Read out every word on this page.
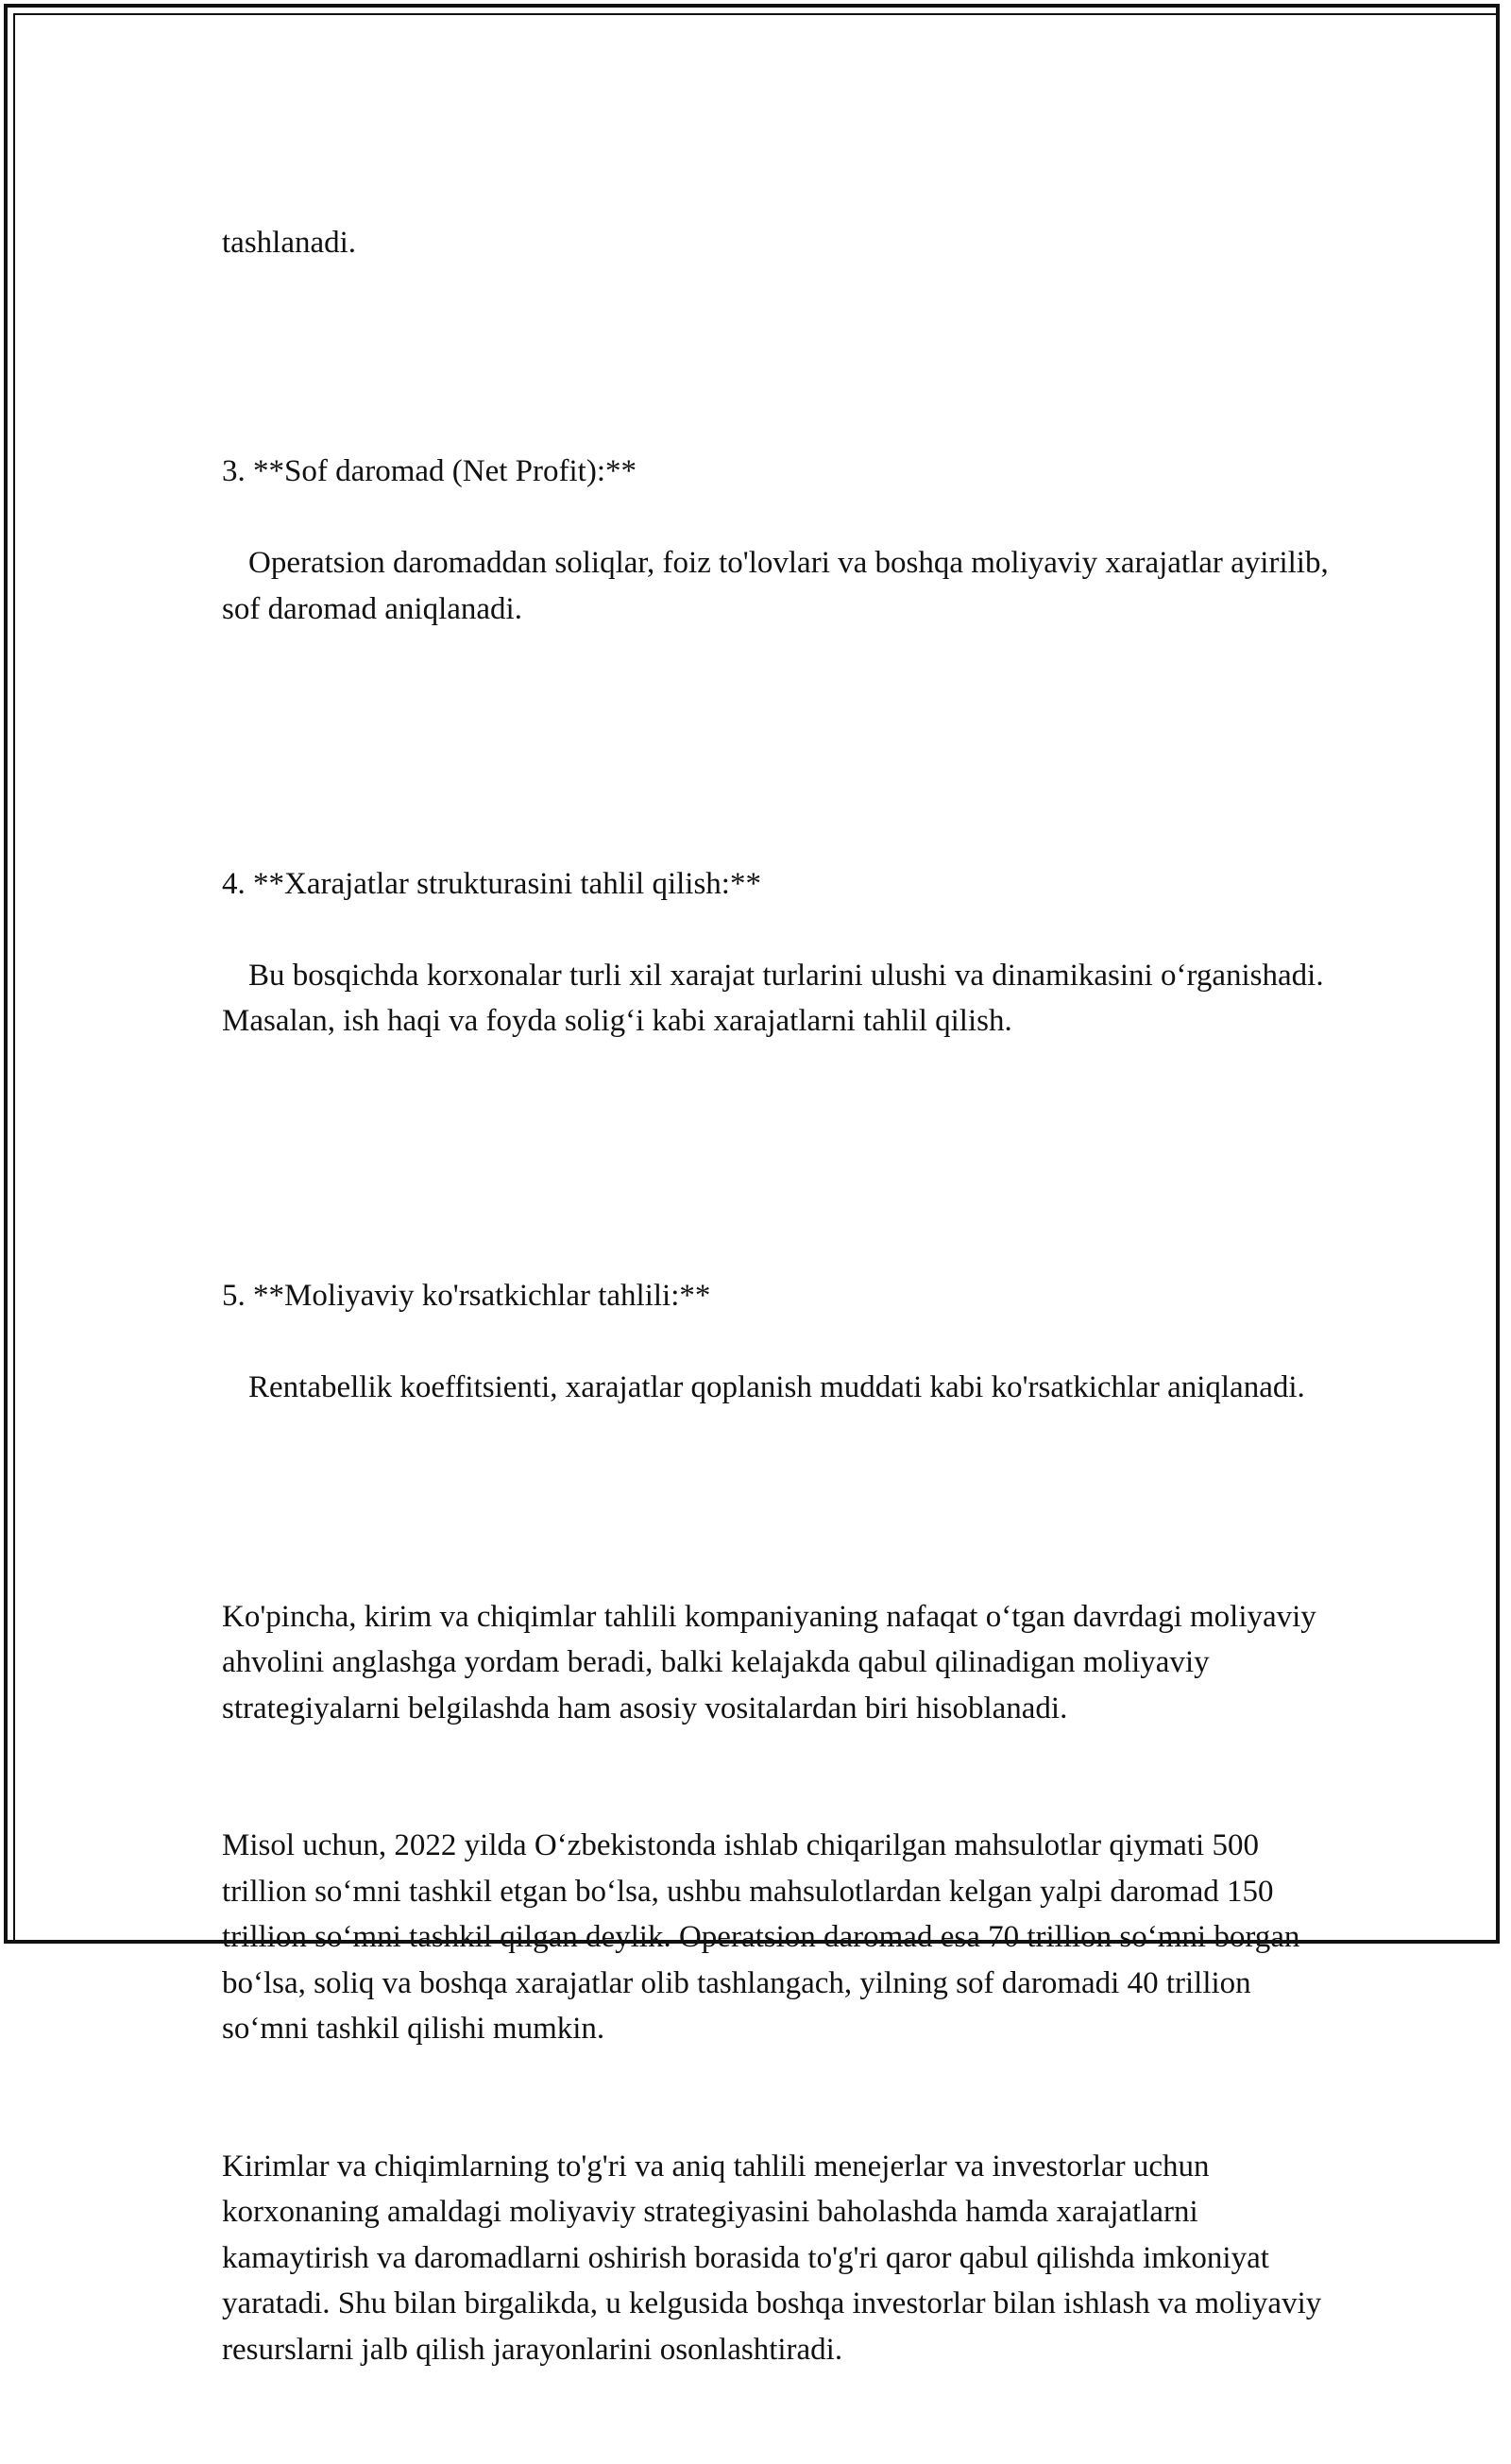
tashlanadi.

3. **Sof daromad (Net Profit):**

Operatsion daromaddan soliqlar, foiz to'lovlari va boshqa moliyaviy xarajatlar ayirilib, sof daromad aniqlanadi.

4. **Xarajatlar strukturasini tahlil qilish:**

Bu bosqichda korxonalar turli xil xarajat turlarini ulushi va dinamikasini o‘rganishadi. Masalan, ish haqi va foyda solig‘i kabi xarajatlarni tahlil qilish.

5. **Moliyaviy ko'rsatkichlar tahlili:**

Rentabellik koeffitsienti, xarajatlar qoplanish muddati kabi ko'rsatkichlar aniqlanadi.

Ko'pincha, kirim va chiqimlar tahlili kompaniyaning nafaqat o‘tgan davrdagi moliyaviy ahvolini anglashga yordam beradi, balki kelajakda qabul qilinadigan moliyaviy strategiyalarni belgilashda ham asosiy vositalardan biri hisoblanadi.

Misol uchun, 2022 yilda O‘zbekistonda ishlab chiqarilgan mahsulotlar qiymati 500 trillion so‘mni tashkil etgan bo‘lsa, ushbu mahsulotlardan kelgan yalpi daromad 150 trillion so‘mni tashkil qilgan deylik. Operatsion daromad esa 70 trillion so‘mni borgan bo‘lsa, soliq va boshqa xarajatlar olib tashlangach, yilning sof daromadi 40 trillion so‘mni tashkil qilishi mumkin.

Kirimlar va chiqimlarning to'g'ri va aniq tahlili menejerlar va investorlar uchun korxonaning amaldagi moliyaviy strategiyasini baholashda hamda xarajatlarni kamaytirish va daromadlarni oshirish borasida to'g'ri qaror qabul qilishda imkoniyat yaratadi. Shu bilan birgalikda, u kelgusida boshqa investorlar bilan ishlash va moliyaviy resurslarni jalb qilish jarayonlarini osonlashtiradi.
